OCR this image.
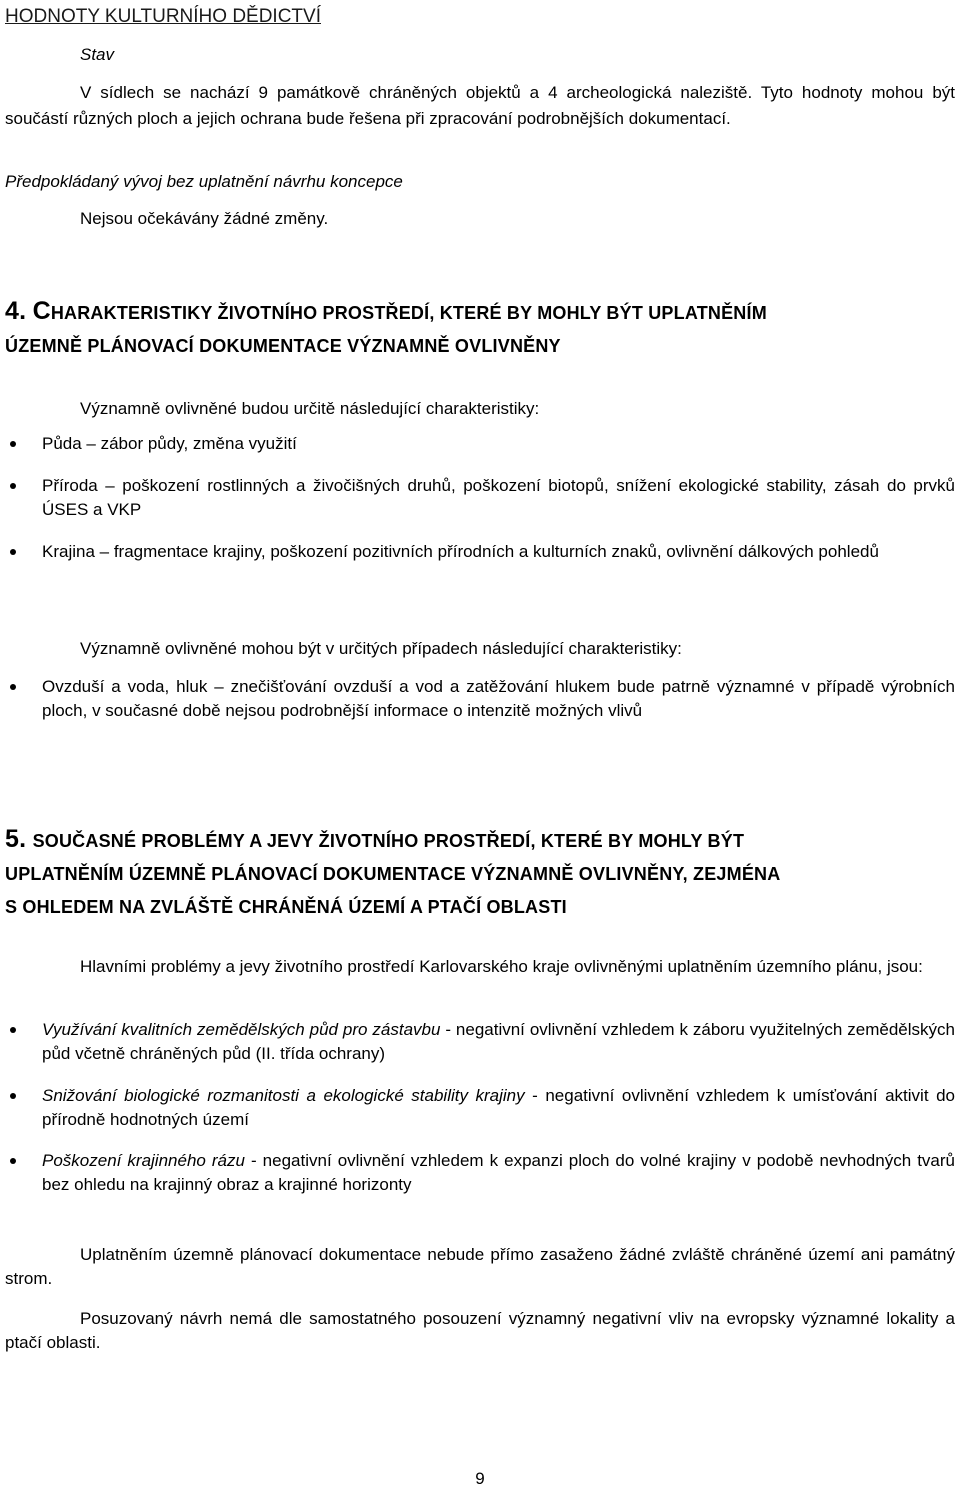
HODNOTY KULTURNÍHO DĚDICTVÍ
Stav

V sídlech se nachází 9 památkově chráněných objektů a 4 archeologická naleziště. Tyto hodnoty mohou být součástí různých ploch a jejich ochrana bude řešena při zpracování podrobnějších dokumentací.

Předpokládaný vývoj bez uplatnění návrhu koncepce
Nejsou očekávány žádné změny.
4. CHARAKTERISTIKY ŽIVOTNÍHO PROSTŘEDÍ, KTERÉ BY MOHLY BÝT UPLATNĚNÍM
ÚZEMNĚ PLÁNOVACÍ DOKUMENTACE VÝZNAMNĚ OVLIVNĚNY
Významně ovlivněné budou určitě následující charakteristiky:
Půda – zábor půdy, změna využití
Příroda – poškození rostlinných a živočišných druhů, poškození biotopů, snížení ekologické stability, zásah do prvků ÚSES a VKP
Krajina – fragmentace krajiny, poškození pozitivních přírodních a kulturních znaků, ovlivnění dálkových pohledů
Významně ovlivněné mohou být v určitých případech následující charakteristiky:
Ovzduší a voda, hluk – znečišťování ovzduší a vod a zatěžování hlukem bude patrně významné v případě výrobních ploch, v současné době nejsou podrobnější informace o intenzitě možných vlivů
5. SOUČASNÉ PROBLÉMY A JEVY ŽIVOTNÍHO PROSTŘEDÍ, KTERÉ BY MOHLY BÝT
UPLATNĚNÍM ÚZEMNĚ PLÁNOVACÍ DOKUMENTACE VÝZNAMNĚ OVLIVNĚNY, ZEJMÉNA
S OHLEDEM NA ZVLÁŠTĚ CHRÁNĚNÁ ÚZEMÍ A PTAČÍ OBLASTI

Hlavními problémy a jevy životního prostředí Karlovarského kraje ovlivněnými uplatněním územního plánu, jsou:

Využívání kvalitních zemědělských půd pro zástavbu - negativní ovlivnění vzhledem k záboru využitelných zemědělských půd včetně chráněných půd (II. třída ochrany)
Snižování biologické rozmanitosti a ekologické stability krajiny - negativní ovlivnění vzhledem k umísťování aktivit do přírodně hodnotných území
Poškození krajinného rázu - negativní ovlivnění vzhledem k expanzi ploch do volné krajiny v podobě nevhodných tvarů bez ohledu na krajinný obraz a krajinné horizonty

Uplatněním územně plánovací dokumentace nebude přímo zasaženo žádné zvláště chráněné území ani památný strom.

Posuzovaný návrh nemá dle samostatného posouzení významný negativní vliv na evropsky významné lokality a ptačí oblasti.

9
